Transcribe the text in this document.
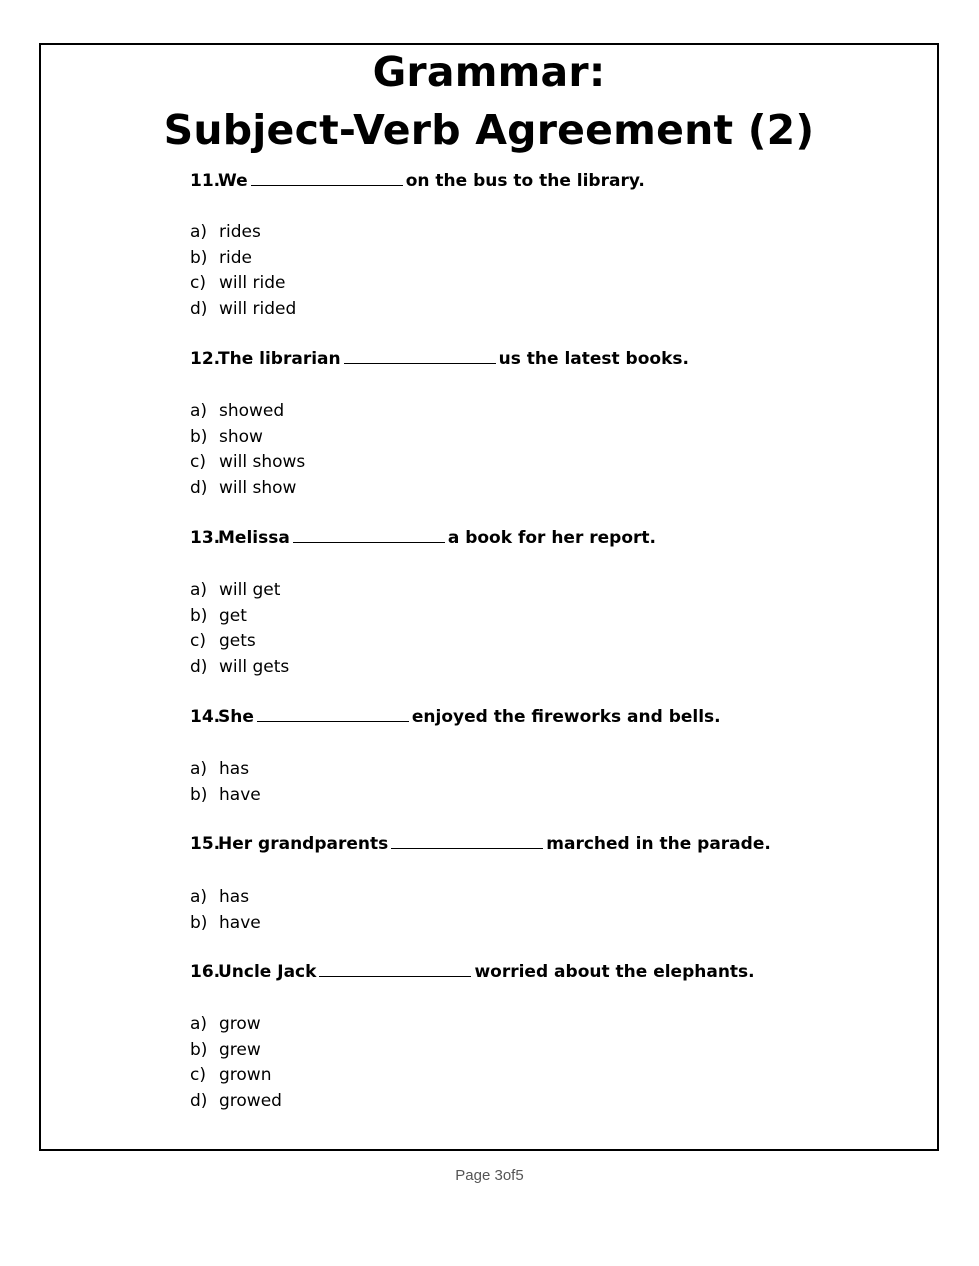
Grammar:
Subject-Verb Agreement (2)
11.We	on the bus to the library.
a) rides
b) ride
c) will ride
d) will rided
12.The librarian	us the latest books.
a) showed
b) show
c) will shows
d) will show
13.Melissa	a book for her report.
a) will get
b) get
c) gets
d) will gets
14.She	enjoyed the fireworks and bells.
a) has
b) have
15.Her grandparents	marched in the parade.
a) has
b) have
16.Uncle Jack	worried about the elephants.
a) grow
b) grew
c) grown
d) growed
Page 3of5
